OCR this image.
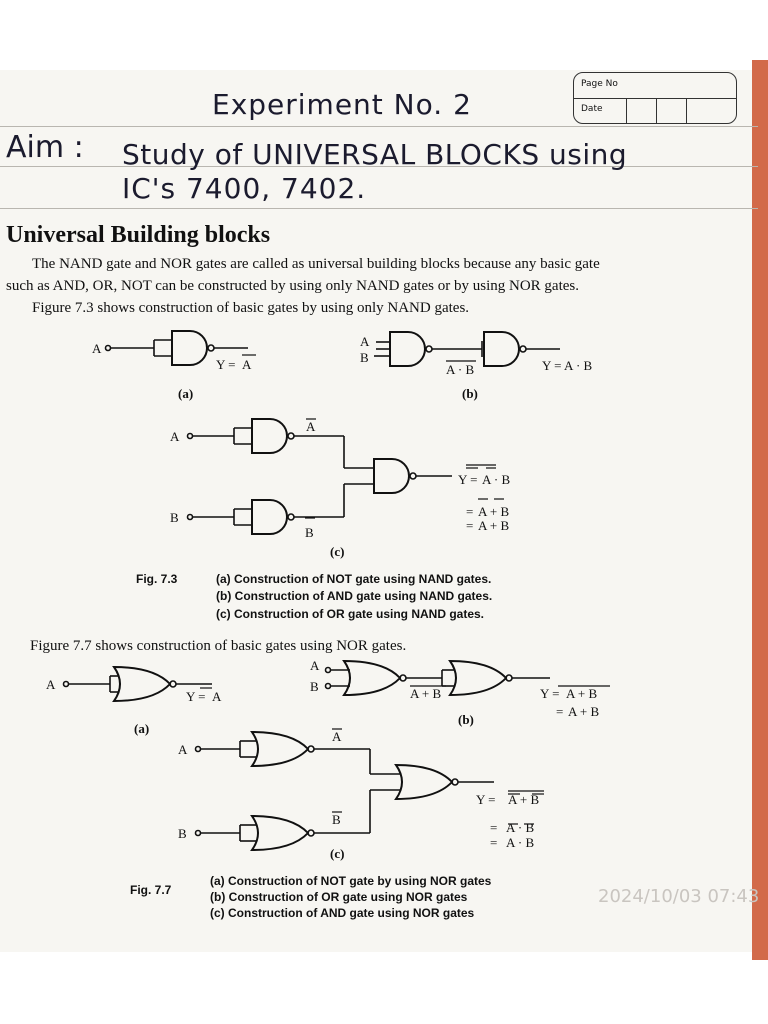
Page No
Date
Experiment No. 2
Aim : Study of UNIVERSAL BLOCKS using
IC's 7400, 7402.
Universal Building blocks
The NAND gate and NOR gates are called as universal building blocks because any basic gate
such as AND, OR, NOT can be constructed by using only NAND gates or by using NOR gates.
Figure 7.3 shows construction of basic gates by using only NAND gates.
Figure 7.7 shows construction of basic gates using NOR gates.
A
Y = A
(a)
A
B
A · B	Y = A · B
(b)
A
A
B
B
Y = A · B
= A + B
= A + B
(c)
A
Y = A
(a)
A
B	A + B	Y = A + B
= A + B
(b)
A
A
B
B
Y = A + B
= A · B
= A · B
(c)
Fig. 7.3	(a) Construction of NOT gate using NAND gates.
(b) Construction of AND gate using NAND gates.
(c) Construction of OR gate using NAND gates.
Fig. 7.7
(a) Construction of NOT gate by using NOR gates
(b) Construction of OR gate using NOR gates
(c) Construction of AND gate using NOR gates
2024/10/03 07:43
